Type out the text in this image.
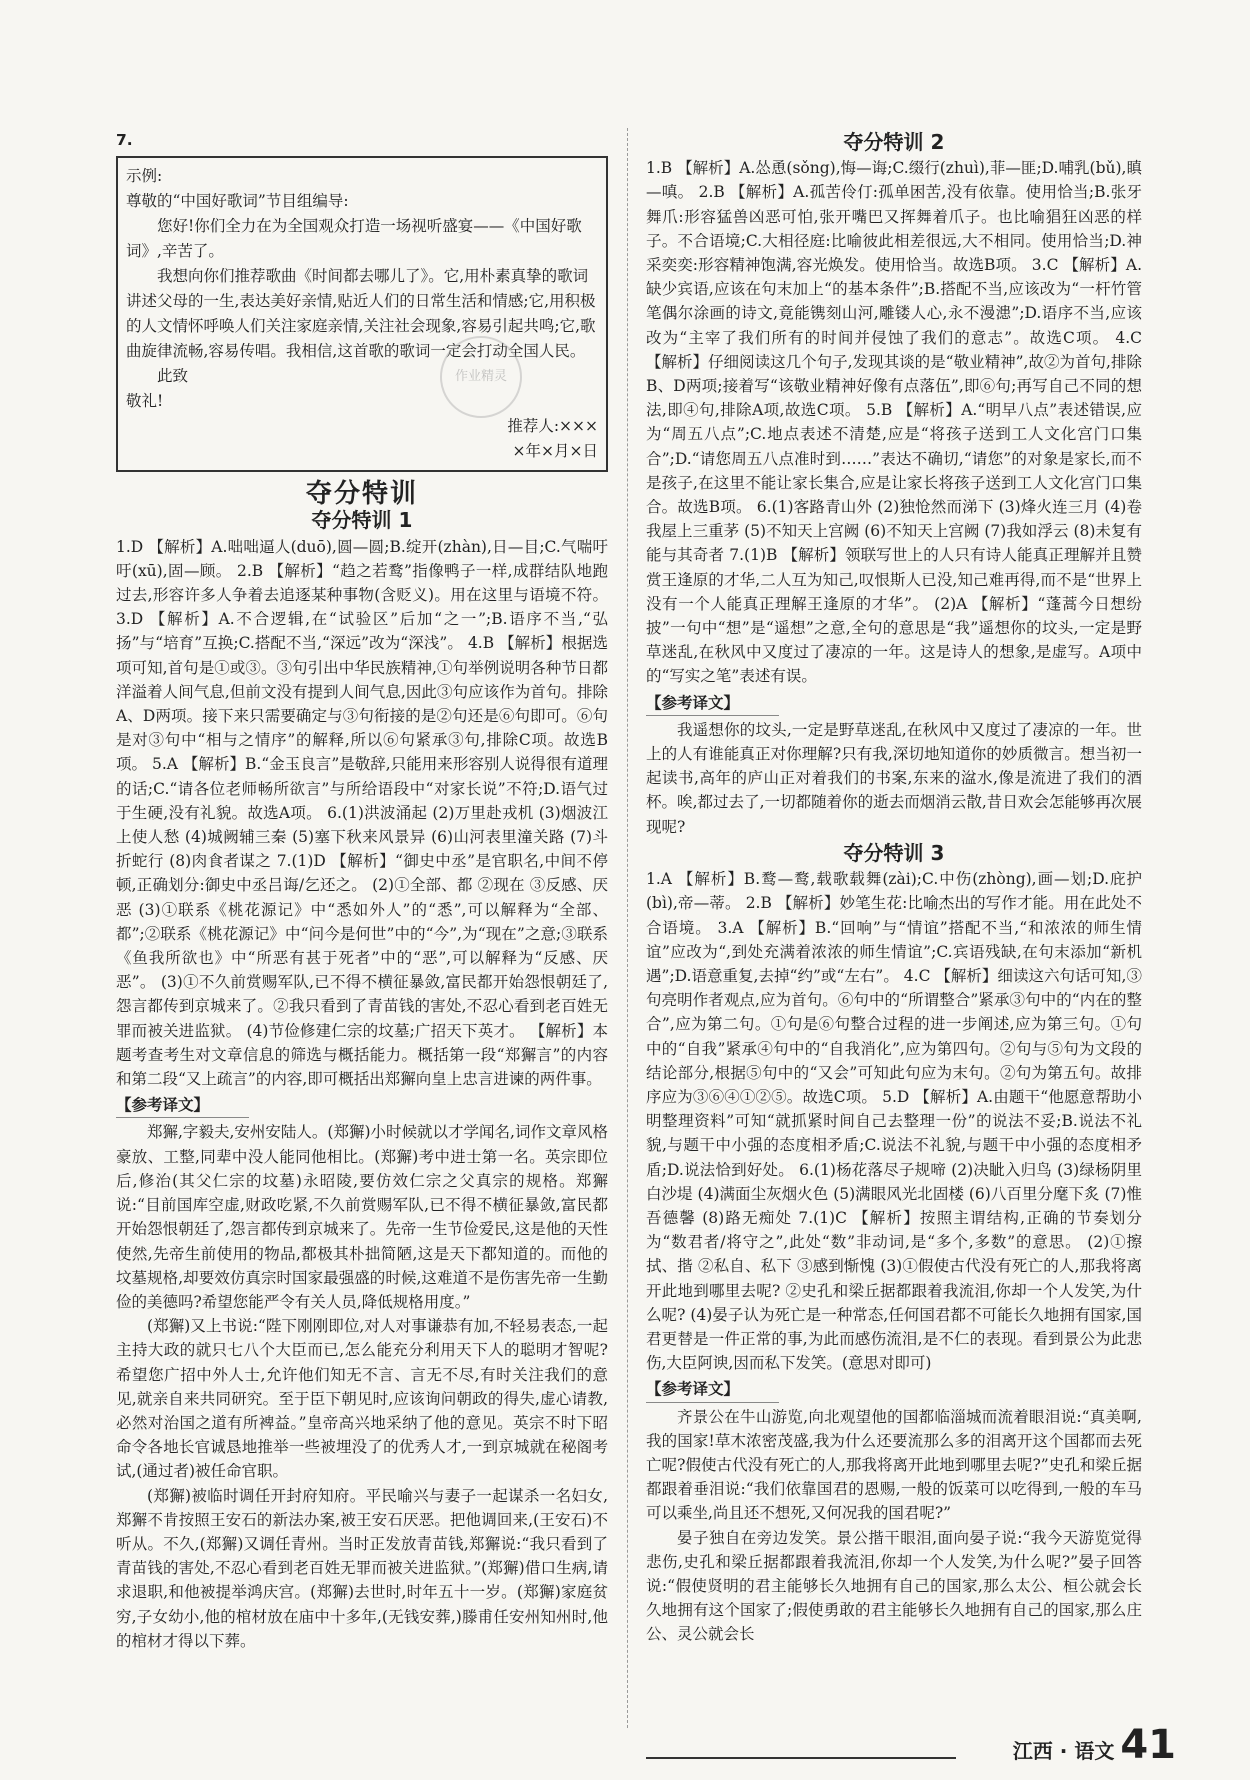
7.
作业精灵

示例:

尊敬的“中国好歌词”节目组编导:

您好!你们全力在为全国观众打造一场视听盛宴——《中国好歌词》,辛苦了。

我想向你们推荐歌曲《时间都去哪儿了》。它,用朴素真挚的歌词讲述父母的一生,表达美好亲情,贴近人们的日常生活和情感;它,用积极的人文情怀呼唤人们关注家庭亲情,关注社会现象,容易引起共鸣;它,歌曲旋律流畅,容易传唱。我相信,这首歌的歌词一定会打动全国人民。

此致

敬礼!

推荐人:×××

×年×月×日

夺分特训
夺分特训 1

1.D 【解析】A.咄咄逼人(duō),圆—圆;B.绽开(zhàn),日—目;C.气喘吁吁(xū),固—顾。 2.B 【解析】“趋之若鹜”指像鸭子一样,成群结队地跑过去,形容许多人争着去追逐某种事物(含贬义)。用在这里与语境不符。 3.D 【解析】A.不合逻辑,在“试验区”后加“之一”;B.语序不当,“弘扬”与“培育”互换;C.搭配不当,“深远”改为“深浅”。 4.B 【解析】根据选项可知,首句是①或③。③句引出中华民族精神,①句举例说明各种节日都洋溢着人间气息,但前文没有提到人间气息,因此③句应该作为首句。排除A、D两项。接下来只需要确定与③句衔接的是②句还是⑥句即可。⑥句是对③句中“相与之情序”的解释,所以⑥句紧承③句,排除C项。故选B项。 5.A 【解析】B.“金玉良言”是敬辞,只能用来形容别人说得很有道理的话;C.“请各位老师畅所欲言”与所给语段中“对家长说”不符;D.语气过于生硬,没有礼貌。故选A项。 6.(1)洪波涌起 (2)万里赴戎机 (3)烟波江上使人愁 (4)城阙辅三秦 (5)塞下秋来风景异 (6)山河表里潼关路 (7)斗折蛇行 (8)肉食者谋之 7.(1)D 【解析】“御史中丞”是官职名,中间不停顿,正确划分:御史中丞吕诲/乞还之。 (2)①全部、都 ②现在 ③反感、厌恶 (3)①联系《桃花源记》中“悉如外人”的“悉”,可以解释为“全部、都”;②联系《桃花源记》中“问今是何世”中的“今”,为“现在”之意;③联系《鱼我所欲也》中“所恶有甚于死者”中的“恶”,可以解释为“反感、厌恶”。 (3)①不久前赏赐军队,已不得不横征暴敛,富民都开始怨恨朝廷了,怨言都传到京城来了。②我只看到了青苗钱的害处,不忍心看到老百姓无罪而被关进监狱。 (4)节俭修建仁宗的坟墓;广招天下英才。 【解析】本题考查考生对文章信息的筛选与概括能力。概括第一段“郑獬言”的内容和第二段“又上疏言”的内容,即可概括出郑獬向皇上忠言进谏的两件事。

【参考译文】

郑獬,字毅夫,安州安陆人。(郑獬)小时候就以才学闻名,词作文章风格豪放、工整,同辈中没人能同他相比。(郑獬)考中进士第一名。英宗即位后,修治(其父仁宗的坟墓)永昭陵,要仿效仁宗之父真宗的规格。郑獬说:“目前国库空虚,财政吃紧,不久前赏赐军队,已不得不横征暴敛,富民都开始怨恨朝廷了,怨言都传到京城来了。先帝一生节俭爱民,这是他的天性使然,先帝生前使用的物品,都极其朴拙简陋,这是天下都知道的。而他的坟墓规格,却要效仿真宗时国家最强盛的时候,这难道不是伤害先帝一生勤俭的美德吗?希望您能严令有关人员,降低规格用度。”

(郑獬)又上书说:“陛下刚刚即位,对人对事谦恭有加,不轻易表态,一起主持大政的就只七八个大臣而已,怎么能充分利用天下人的聪明才智呢?希望您广招中外人士,允许他们知无不言、言无不尽,有时关注我们的意见,就亲自来共同研究。至于臣下朝见时,应该询问朝政的得失,虚心请教,必然对治国之道有所裨益。”皇帝高兴地采纳了他的意见。英宗不时下昭命令各地长官诚恳地推举一些被埋没了的优秀人才,一到京城就在秘阁考试,(通过者)被任命官职。

(郑獬)被临时调任开封府知府。平民喻兴与妻子一起谋杀一名妇女,郑獬不肯按照王安石的新法办案,被王安石厌恶。把他调回来,(王安石)不听从。不久,(郑獬)又调任青州。当时正发放青苗钱,郑獬说:“我只看到了青苗钱的害处,不忍心看到老百姓无罪而被关进监狱。”(郑獬)借口生病,请求退职,和他被提举鸿庆宫。(郑獬)去世时,时年五十一岁。(郑獬)家庭贫穷,子女幼小,他的棺材放在庙中十多年,(无钱安葬,)滕甫任安州知州时,他的棺材才得以下葬。

夺分特训 2

1.B 【解析】A.怂恿(sǒng),悔—诲;C.缀行(zhuì),菲—匪;D.哺乳(bǔ),瞋—嗔。 2.B 【解析】A.孤苦伶仃:孤单困苦,没有依靠。使用恰当;B.张牙舞爪:形容猛兽凶恶可怕,张开嘴巴又挥舞着爪子。也比喻猖狂凶恶的样子。不合语境;C.大相径庭:比喻彼此相差很远,大不相同。使用恰当;D.神采奕奕:形容精神饱满,容光焕发。使用恰当。故选B项。 3.C 【解析】A.缺少宾语,应该在句末加上“的基本条件”;B.搭配不当,应该改为“一杆竹管笔偶尔涂画的诗文,竟能镌刻山河,雕镂人心,永不漫漶”;D.语序不当,应该改为“主宰了我们所有的时间并侵蚀了我们的意志”。故选C项。 4.C 【解析】仔细阅读这几个句子,发现其谈的是“敬业精神”,故②为首句,排除B、D两项;接着写“该敬业精神好像有点落伍”,即⑥句;再写自己不同的想法,即④句,排除A项,故选C项。 5.B 【解析】A.“明早八点”表述错误,应为“周五八点”;C.地点表述不清楚,应是“将孩子送到工人文化宫门口集合”;D.“请您周五八点准时到……”表达不确切,“请您”的对象是家长,而不是孩子,在这里不能让家长集合,应是让家长将孩子送到工人文化宫门口集合。故选B项。 6.(1)客路青山外 (2)独怆然而涕下 (3)烽火连三月 (4)卷我屋上三重茅 (5)不知天上宫阙 (6)不知天上宫阙 (7)我如浮云 (8)未复有能与其奇者 7.(1)B 【解析】领联写世上的人只有诗人能真正理解并且赞赏王逢原的才华,二人互为知己,叹恨斯人已没,知己难再得,而不是“世界上没有一个人能真正理解王逢原的才华”。 (2)A 【解析】“蓬蒿今日想纷披”一句中“想”是“遥想”之意,全句的意思是“我”遥想你的坟头,一定是野草迷乱,在秋风中又度过了凄凉的一年。这是诗人的想象,是虚写。A项中的“写实之笔”表述有误。

【参考译文】

我遥想你的坟头,一定是野草迷乱,在秋风中又度过了凄凉的一年。世上的人有谁能真正对你理解?只有我,深切地知道你的妙质微言。想当初一起读书,高年的庐山正对着我们的书案,东来的湓水,像是流进了我们的酒杯。唉,都过去了,一切都随着你的逝去而烟消云散,昔日欢会怎能够再次展现呢?

夺分特训 3

1.A 【解析】B.鹜—鹜,载歌载舞(zài);C.中伤(zhòng),画—划;D.庇护(bì),帝—蒂。 2.B 【解析】妙笔生花:比喻杰出的写作才能。用在此处不合语境。 3.A 【解析】B.“回响”与“情谊”搭配不当,“和浓浓的师生情谊”应改为“,到处充满着浓浓的师生情谊”;C.宾语残缺,在句末添加“新机遇”;D.语意重复,去掉“约”或“左右”。 4.C 【解析】细读这六句话可知,③句亮明作者观点,应为首句。⑥句中的“所谓整合”紧承③句中的“内在的整合”,应为第二句。①句是⑥句整合过程的进一步阐述,应为第三句。①句中的“自我”紧承④句中的“自我消化”,应为第四句。②句与⑤句为文段的结论部分,根据⑤句中的“又会”可知此句应为末句。②句为第五句。故排序应为③⑥④①②⑤。故选C项。 5.D 【解析】A.由题干“他愿意帮助小明整理资料”可知“就抓紧时间自己去整理一份”的说法不妥;B.说法不礼貌,与题干中小强的态度相矛盾;C.说法不礼貌,与题干中小强的态度相矛盾;D.说法恰到好处。 6.(1)杨花落尽子规啼 (2)决眦入归鸟 (3)绿杨阴里白沙堤 (4)满面尘灰烟火色 (5)满眼风光北固楼 (6)八百里分麾下炙 (7)惟吾德馨 (8)路无痴处 7.(1)C 【解析】按照主谓结构,正确的节奏划分为“数君者/将守之”,此处“数”非动词,是“多个,多数”的意思。 (2)①擦拭、揩 ②私自、私下 ③感到惭愧 (3)①假使古代没有死亡的人,那我将离开此地到哪里去呢? ②史孔和梁丘据都跟着我流泪,你却一个人发笑,为什么呢? (4)晏子认为死亡是一种常态,任何国君都不可能长久地拥有国家,国君更替是一件正常的事,为此而感伤流泪,是不仁的表现。看到景公为此悲伤,大臣阿谀,因而私下发笑。(意思对即可)

【参考译文】

齐景公在牛山游览,向北观望他的国都临淄城而流着眼泪说:“真美啊,我的国家!草木浓密茂盛,我为什么还要流那么多的泪离开这个国都而去死亡呢?假使古代没有死亡的人,那我将离开此地到哪里去呢?”史孔和梁丘据都跟着垂泪说:“我们依靠国君的恩赐,一般的饭菜可以吃得到,一般的车马可以乘坐,尚且还不想死,又何况我的国君呢?”

晏子独自在旁边发笑。景公揩干眼泪,面向晏子说:“我今天游览觉得悲伤,史孔和梁丘据都跟着我流泪,你却一个人发笑,为什么呢?”晏子回答说:“假使贤明的君主能够长久地拥有自己的国家,那么太公、桓公就会长久地拥有这个国家了;假使勇敢的君主能够长久地拥有自己的国家,那么庄公、灵公就会长

江西 · 语文 41
